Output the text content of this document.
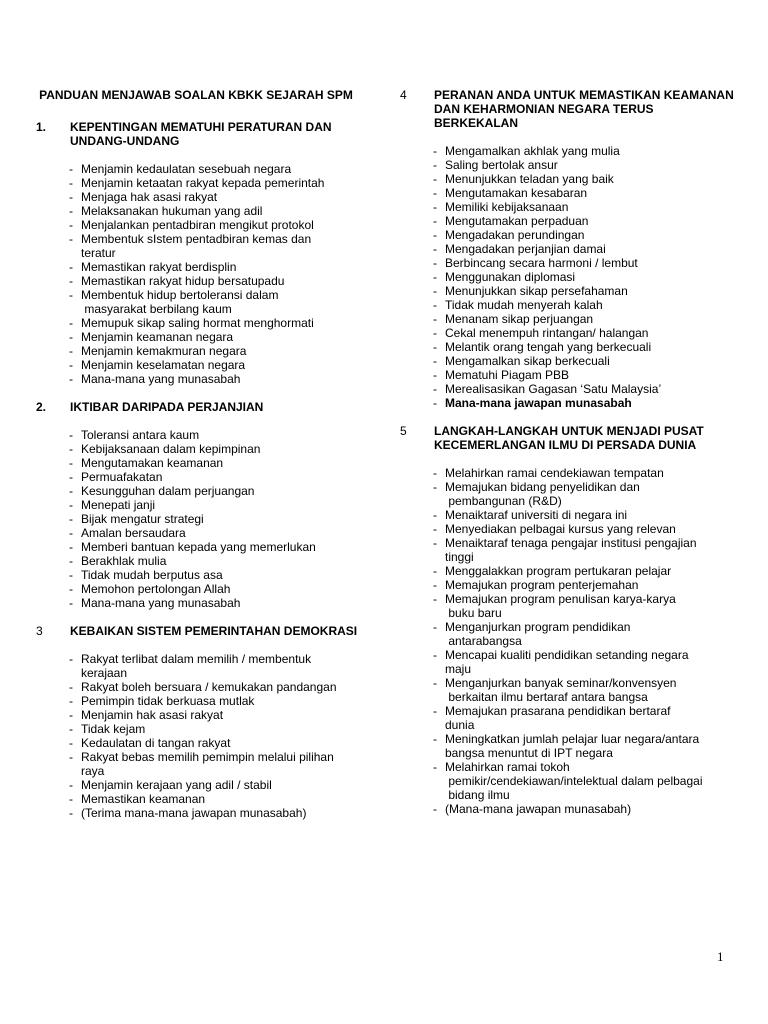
PANDUAN MENJAWAB SOALAN KBKK SEJARAH SPM
1.	KEPENTINGAN MEMATUHI PERATURAN DAN UNDANG-UNDANG
- Menjamin kedaulatan sesebuah negara
- Menjamin ketaatan rakyat kepada pemerintah
- Menjaga hak asasi rakyat
- Melaksanakan hukuman yang adil
- Menjalankan pentadbiran mengikut protokol
- Membentuk sIstem pentadbiran kemas dan
teratur
- Memastikan rakyat berdisplin
- Memastikan rakyat hidup bersatupadu
- Membentuk hidup bertoleransi dalam
masyarakat berbilang kaum
- Memupuk sikap saling hormat menghormati
- Menjamin keamanan negara
- Menjamin kemakmuran negara
- Menjamin keselamatan negara
- Mana-mana yang munasabah
2.	IKTIBAR DARIPADA PERJANJIAN
- Toleransi antara kaum
- Kebijaksanaan dalam kepimpinan
- Mengutamakan keamanan
- Permuafakatan
- Kesungguhan dalam perjuangan
- Menepati janji
- Bijak mengatur strategi
- Amalan bersaudara
- Memberi bantuan kepada yang memerlukan
- Berakhlak mulia
- Tidak mudah berputus asa
- Memohon pertolongan Allah
- Mana-mana yang munasabah
3	KEBAIKAN SISTEM PEMERINTAHAN DEMOKRASI
- Rakyat terlibat dalam memilih / membentuk
kerajaan
- Rakyat boleh bersuara / kemukakan pandangan
- Pemimpin tidak berkuasa mutlak
- Menjamin hak asasi rakyat
- Tidak kejam
- Kedaulatan di tangan rakyat
- Rakyat bebas memilih pemimpin melalui pilihan
raya
- Menjamin kerajaan yang adil / stabil
- Memastikan keamanan
- (Terima mana-mana jawapan munasabah)
4	PERANAN ANDA UNTUK MEMASTIKAN KEAMANAN DAN KEHARMONIAN NEGARA TERUS BERKEKALAN
- Mengamalkan akhlak yang mulia
- Saling bertolak ansur
- Menunjukkan teladan yang baik
- Mengutamakan kesabaran
- Memiliki kebijaksanaan
- Mengutamakan perpaduan
- Mengadakan perundingan
- Mengadakan perjanjian damai
- Berbincang secara harmoni / lembut
- Menggunakan diplomasi
- Menunjukkan sikap persefahaman
- Tidak mudah menyerah kalah
- Menanam sikap perjuangan
- Cekal menempuh rintangan/ halangan
- Melantik orang tengah yang berkecuali
- Mengamalkan sikap berkecuali
- Mematuhi Piagam PBB
- Merealisasikan Gagasan ‘Satu Malaysia’
- Mana-mana jawapan munasabah
5	LANGKAH-LANGKAH UNTUK MENJADI PUSAT KECEMERLANGAN ILMU DI PERSADA DUNIA
- Melahirkan ramai cendekiawan tempatan
- Memajukan bidang penyelidikan dan
pembangunan (R&D)
- Menaiktaraf universiti di negara ini
- Menyediakan pelbagai kursus yang relevan
- Menaiktaraf tenaga pengajar institusi pengajian
tinggi
- Menggalakkan program pertukaran pelajar
- Memajukan program penterjemahan
- Memajukan program penulisan karya-karya
buku baru
- Menganjurkan program pendidikan
antarabangsa
- Mencapai kualiti pendidikan setanding negara
maju
- Menganjurkan banyak seminar/konvensyen
berkaitan ilmu bertaraf antara bangsa
- Memajukan prasarana pendidikan bertaraf
dunia
- Meningkatkan jumlah pelajar luar negara/antara
bangsa menuntut di IPT negara
- Melahirkan ramai tokoh
pemikir/cendekiawan/intelektual dalam pelbagai
bidang ilmu
- (Mana-mana jawapan munasabah)
1
